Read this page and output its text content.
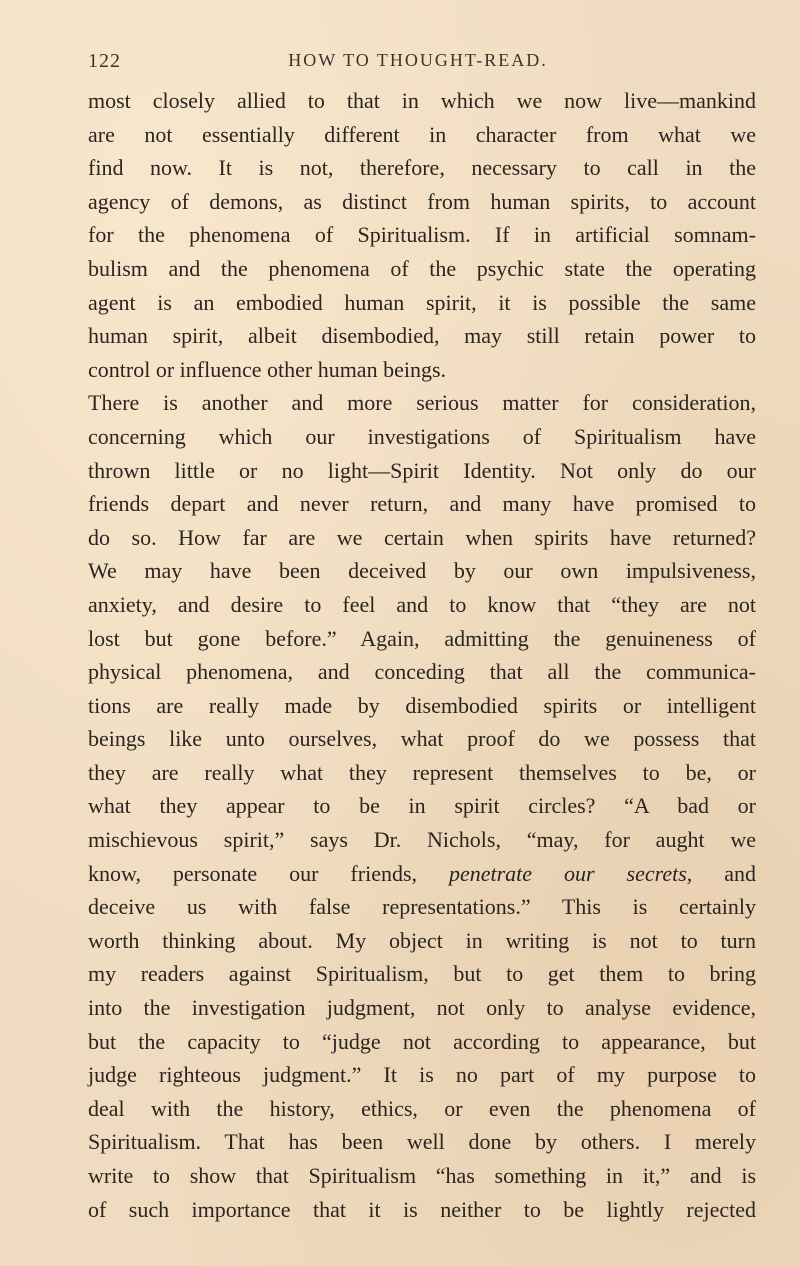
122	HOW TO THOUGHT-READ.
most closely allied to that in which we now live—mankind
are not essentially different in character from what we
find now. It is not, therefore, necessary to call in the
agency of demons, as distinct from human spirits, to account
for the phenomena of Spiritualism. If in artificial somnam-
bulism and the phenomena of the psychic state the operating
agent is an embodied human spirit, it is possible the same
human spirit, albeit disembodied, may still retain power to
control or influence other human beings.
There is another and more serious matter for consideration,
concerning which our investigations of Spiritualism have
thrown little or no light—Spirit Identity. Not only do our
friends depart and never return, and many have promised to
do so. How far are we certain when spirits have returned?
We may have been deceived by our own impulsiveness,
anxiety, and desire to feel and to know that “they are not
lost but gone before.” Again, admitting the genuineness of
physical phenomena, and conceding that all the communica-
tions are really made by disembodied spirits or intelligent
beings like unto ourselves, what proof do we possess that
they are really what they represent themselves to be, or
what they appear to be in spirit circles? “A bad or
mischievous spirit,” says Dr. Nichols, “may, for aught we
know, personate our friends, penetrate our secrets, and
deceive us with false representations.” This is certainly
worth thinking about. My object in writing is not to turn
my readers against Spiritualism, but to get them to bring
into the investigation judgment, not only to analyse evidence,
but the capacity to “judge not according to appearance, but
judge righteous judgment.” It is no part of my purpose to
deal with the history, ethics, or even the phenomena of
Spiritualism. That has been well done by others. I merely
write to show that Spiritualism “has something in it,” and is
of such importance that it is neither to be lightly rejected
